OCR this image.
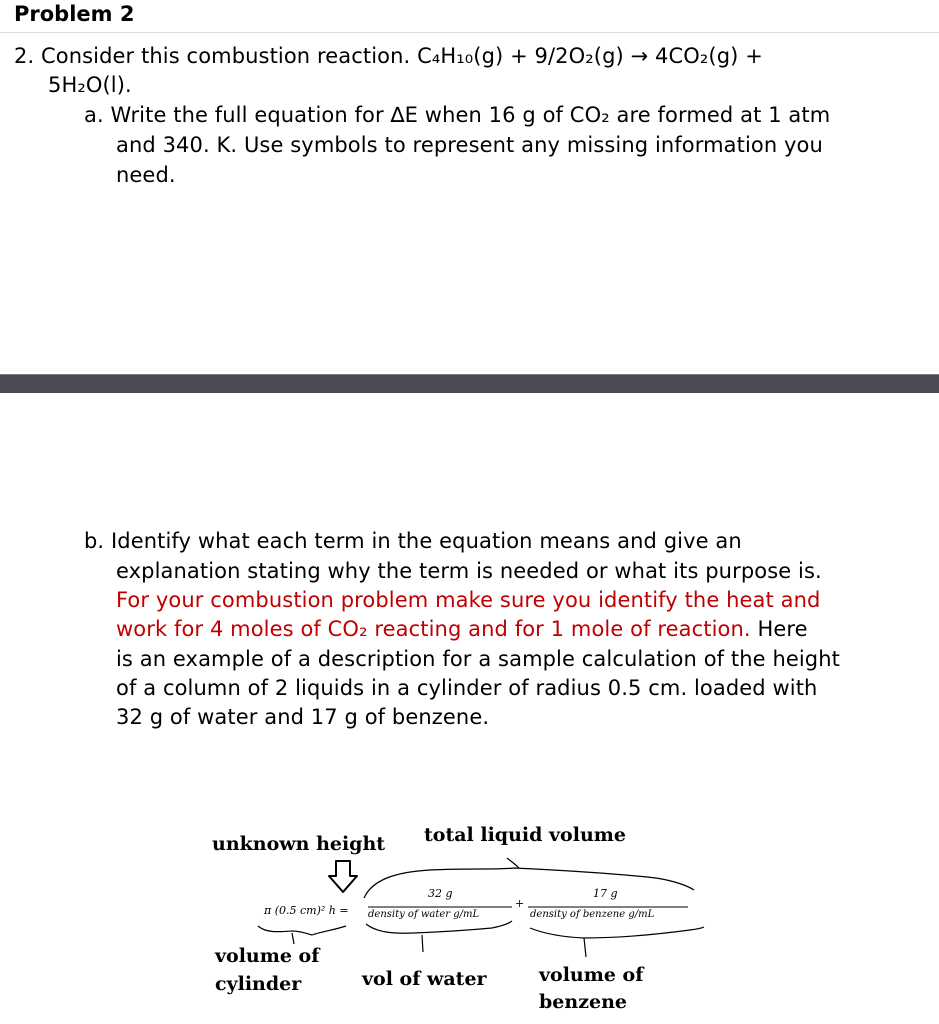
Problem 2
2. Consider this combustion reaction. C₄H₁₀(g) + 9/2O₂(g) → 4CO₂(g) +
5H₂O(l).
a. Write the full equation for ∆E when 16 g of CO₂ are formed at 1 atm
and 340. K. Use symbols to represent any missing information you
need.
b. Identify what each term in the equation means and give an
explanation stating why the term is needed or what its purpose is.
For your combustion problem make sure you identify the heat and
work for 4 moles of CO₂ reacting and for 1 mole of reaction. Here
is an example of a description for a sample calculation of the height
of a column of 2 liquids in a cylinder of radius 0.5 cm. loaded with
32 g of water and 17 g of benzene.
unknown height total liquid volume
π (0.5 cm)² h =
32 g
density of water g/mL
+
17 g
density of benzene g/mL
volume of
cylinder	vol of water	volume of
benzene
